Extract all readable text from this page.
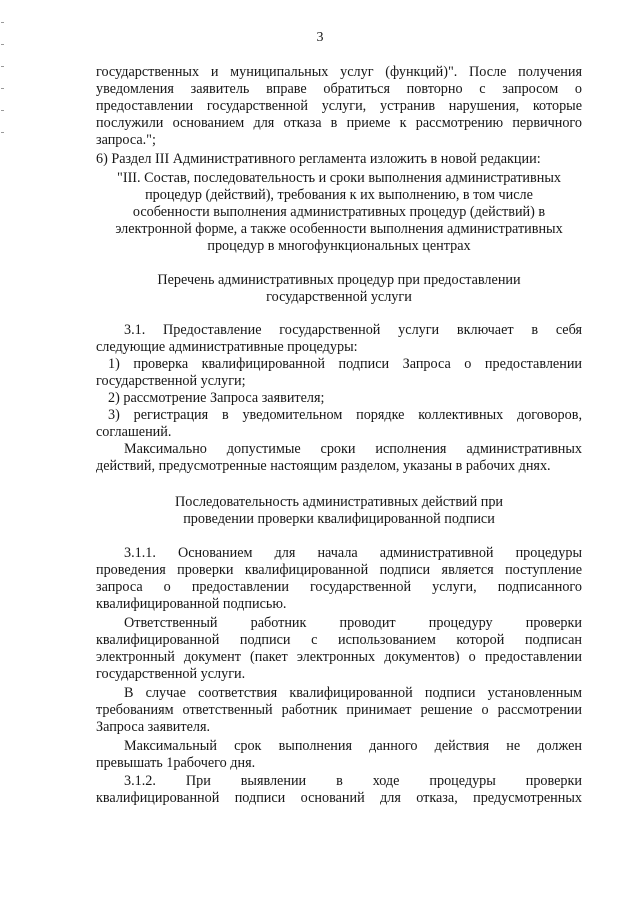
3
государственных и муниципальных услуг (функций)". После получения
уведомления заявитель вправе обратиться повторно с запросом о
предоставлении государственной услуги, устранив нарушения, которые
послужили основанием для отказа в приеме к рассмотрению первичного
запроса.";
6) Раздел III Административного регламента изложить в новой редакции:
"III. Состав, последовательность и сроки выполнения административных
процедур (действий), требования к их выполнению, в том числе
особенности выполнения административных процедур (действий) в
электронной форме, а также особенности выполнения административных
процедур в многофункциональных центрах
Перечень административных процедур при предоставлении
государственной услуги
3.1. Предоставление государственной услуги включает в себя
следующие административные процедуры:
1) проверка квалифицированной подписи Запроса о предоставлении
государственной услуги;
2) рассмотрение Запроса заявителя;
3) регистрация в уведомительном порядке коллективных договоров,
соглашений.
Максимально допустимые сроки исполнения административных
действий, предусмотренные настоящим разделом, указаны в рабочих днях.
Последовательность административных действий при
проведении проверки квалифицированной подписи
3.1.1. Основанием для начала административной процедуры
проведения проверки квалифицированной подписи является поступление
запроса о предоставлении государственной услуги, подписанного
квалифицированной подписью.
Ответственный работник проводит процедуру проверки
квалифицированной подписи с использованием которой подписан
электронный документ (пакет электронных документов) о предоставлении
государственной услуги.
В случае соответствия квалифицированной подписи установленным
требованиям ответственный работник принимает решение о рассмотрении
Запроса заявителя.
Максимальный срок выполнения данного действия не должен
превышать 1рабочего дня.
3.1.2. При выявлении в ходе процедуры проверки
квалифицированной подписи оснований для отказа, предусмотренных
